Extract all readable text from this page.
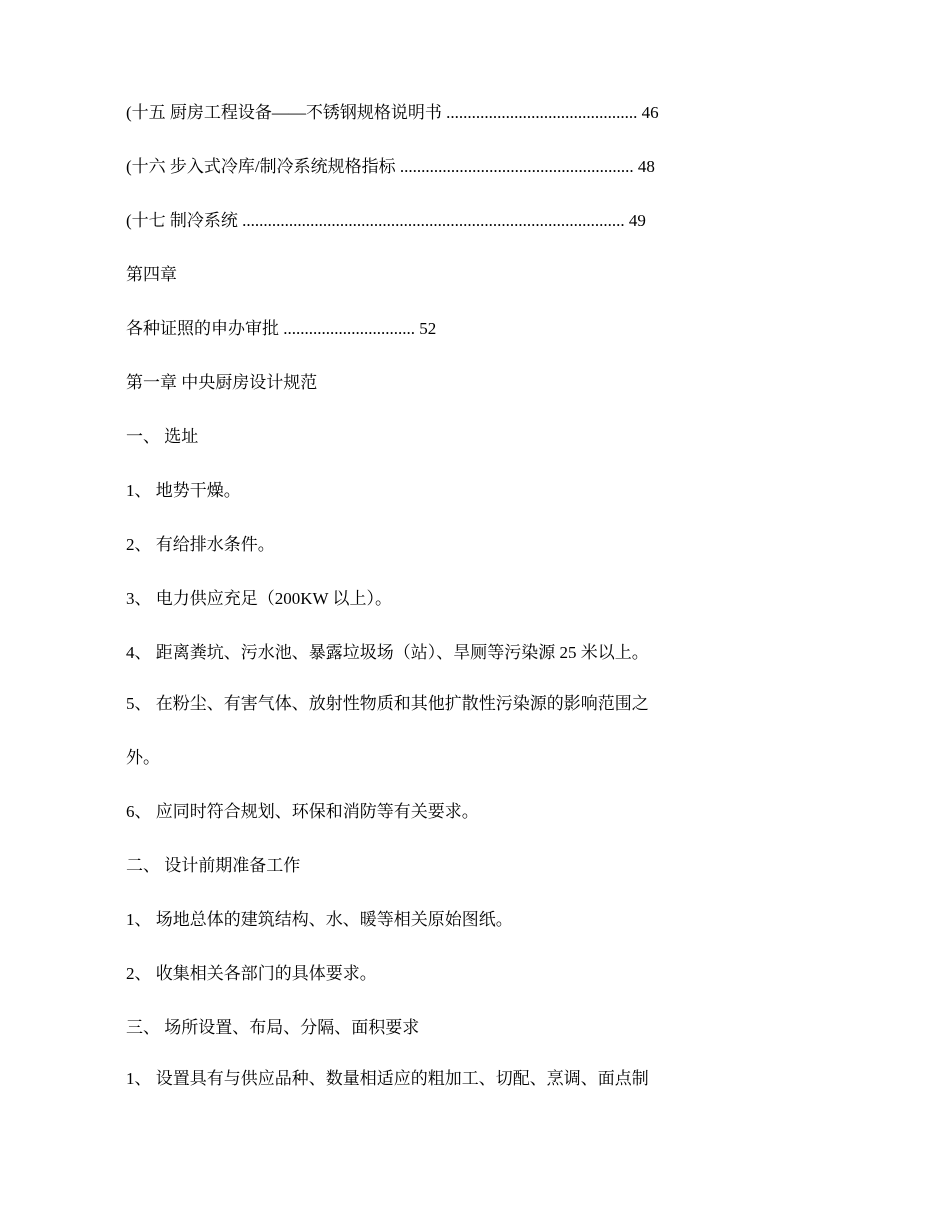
(十五 厨房工程设备——不锈钢规格说明书 ............................................. 46
(十六 步入式冷库/制冷系统规格指标 ....................................................... 48
(十七 制冷系统 .......................................................................................... 49
第四章
各种证照的申办审批 ............................... 52
第一章 中央厨房设计规范
一、 选址
1、 地势干燥。
2、 有给排水条件。
3、 电力供应充足（200KW 以上）。
4、 距离粪坑、污水池、暴露垃圾场（站）、旱厕等污染源 25 米以上。
5、 在粉尘、有害气体、放射性物质和其他扩散性污染源的影响范围之
外。
6、 应同时符合规划、环保和消防等有关要求。
二、 设计前期准备工作
1、 场地总体的建筑结构、水、暖等相关原始图纸。
2、 收集相关各部门的具体要求。
三、 场所设置、布局、分隔、面积要求
1、 设置具有与供应品种、数量相适应的粗加工、切配、烹调、面点制
